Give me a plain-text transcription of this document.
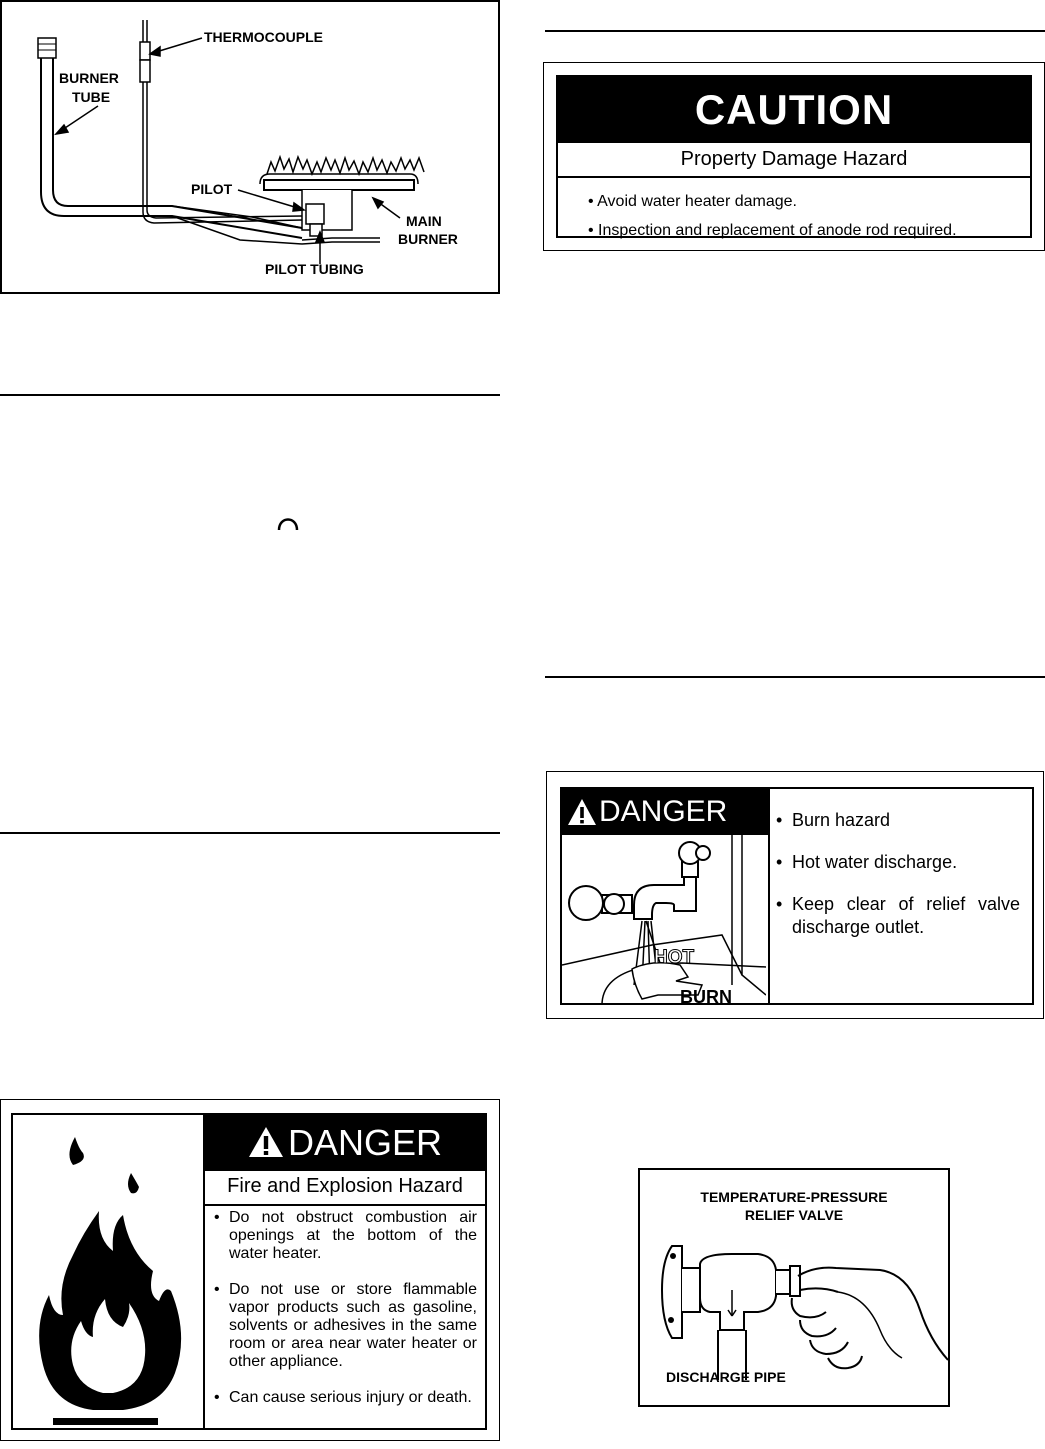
THERMOCOUPLE
BURNER
TUBE
PILOT
MAIN
BURNER
PILOT TUBING
CAUTION
Property Damage Hazard
• Avoid water heater damage.
• Inspection and replacement of anode rod required.
DANGER
HOT
BURN
• Burn hazard
• Hot water discharge.
• Keep clear of relief valve discharge outlet.
DANGER
Fire and Explosion Hazard
• Do not obstruct combustion air openings at the bottom of the water heater.
• Do not use or store flammable vapor products such as gasoline, solvents or adhesives in the same room or area near water heater or other appliance.
• Can cause serious injury or death.
TEMPERATURE-PRESSURE
RELIEF VALVE
DISCHARGE PIPE
